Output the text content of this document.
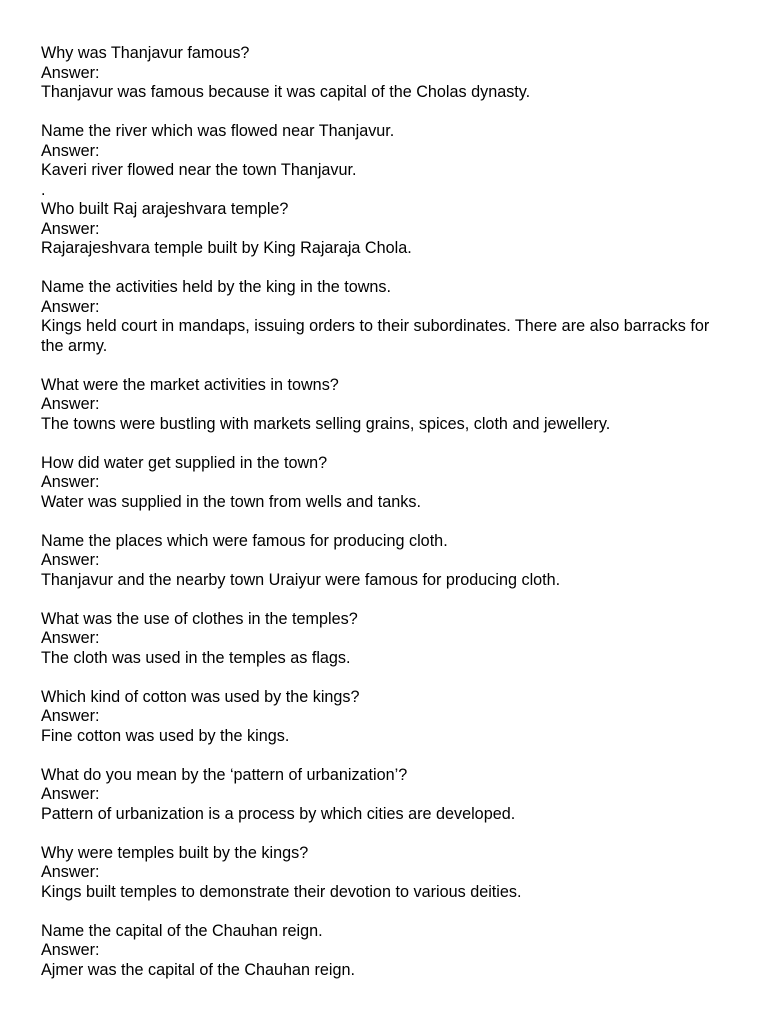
Why was Thanjavur famous?
Answer:
Thanjavur was famous because it was capital of the Cholas dynasty.
Name the river which was flowed near Thanjavur.
Answer:
Kaveri river flowed near the town Thanjavur.
.
Who built Raj arajeshvara temple?
Answer:
Rajarajeshvara temple built by King Rajaraja Chola.
Name the activities held by the king in the towns.
Answer:
Kings held court in mandaps, issuing orders to their subordinates. There are also barracks for the army.
What were the market activities in towns?
Answer:
The towns were bustling with markets selling grains, spices, cloth and jewellery.
How did water get supplied in the town?
Answer:
Water was supplied in the town from wells and tanks.
Name the places which were famous for producing cloth.
Answer:
Thanjavur and the nearby town Uraiyur were famous for producing cloth.
What was the use of clothes in the temples?
Answer:
The cloth was used in the temples as flags.
Which kind of cotton was used by the kings?
Answer:
Fine cotton was used by the kings.
What do you mean by the ‘pattern of urbanization’?
Answer:
Pattern of urbanization is a process by which cities are developed.
Why were temples built by the kings?
Answer:
Kings built temples to demonstrate their devotion to various deities.
Name the capital of the Chauhan reign.
Answer:
Ajmer was the capital of the Chauhan reign.
